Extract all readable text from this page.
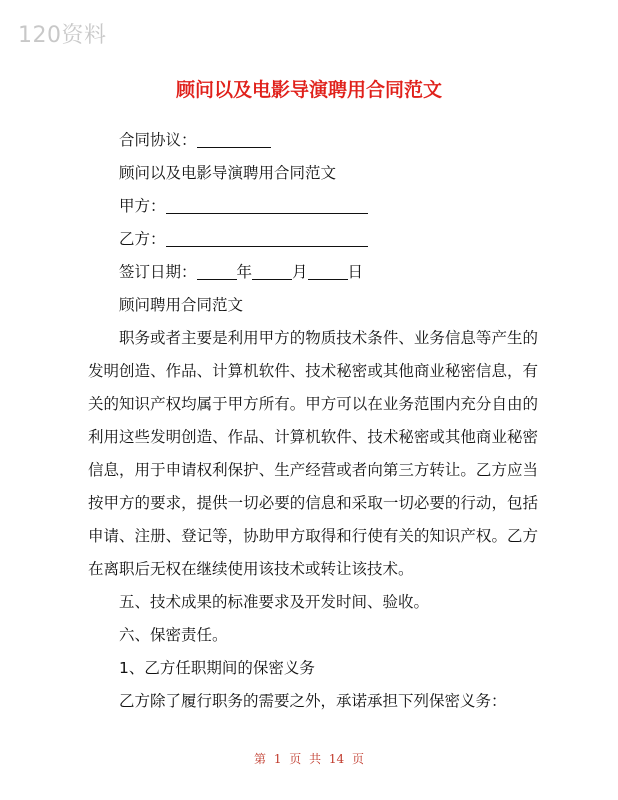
120资料
顾问以及电影导演聘用合同范文
合同协议：
顾问以及电影导演聘用合同范文
甲方：
乙方：
签订日期：	年	月	日
顾问聘用合同范文
职务或者主要是利用甲方的物质技术条件、业务信息等产生的发明创造、作品、计算机软件、技术秘密或其他商业秘密信息，有关的知识产权均属于甲方所有。甲方可以在业务范围内充分自由的利用这些发明创造、作品、计算机软件、技术秘密或其他商业秘密信息，用于申请权利保护、生产经营或者向第三方转让。乙方应当按甲方的要求，提供一切必要的信息和采取一切必要的行动，包括申请、注册、登记等，协助甲方取得和行使有关的知识产权。乙方在离职后无权在继续使用该技术或转让该技术。
五、技术成果的标准要求及开发时间、验收。
六、保密责任。
1、乙方任职期间的保密义务
乙方除了履行职务的需要之外，承诺承担下列保密义务：
第 1 页 共 14 页
